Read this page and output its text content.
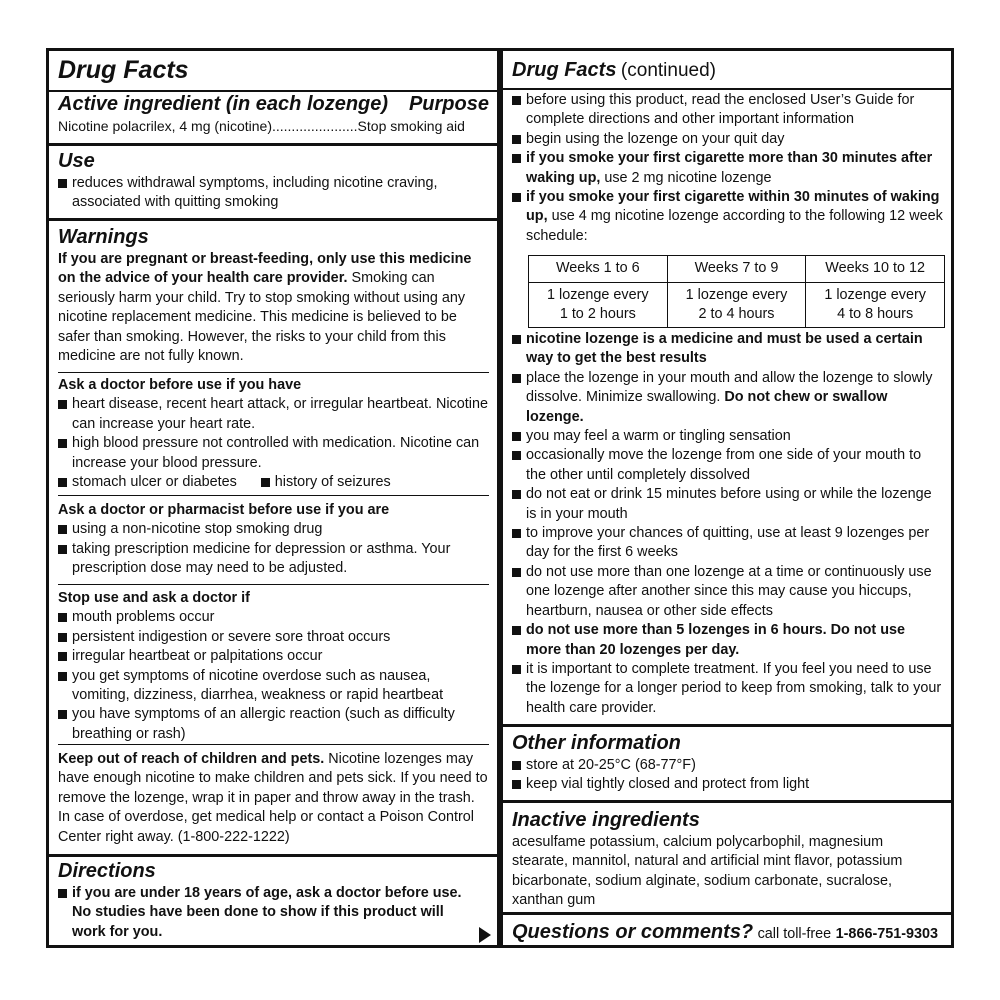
Drug Facts
Active ingredient (in each lozenge) Purpose
Nicotine polacrilex, 4 mg (nicotine)......................Stop smoking aid
Use
reduces withdrawal symptoms, including nicotine craving, associated with quitting smoking
Warnings
If you are pregnant or breast-feeding, only use this medicine on the advice of your health care provider. Smoking can seriously harm your child. Try to stop smoking without using any nicotine replacement medicine. This medicine is believed to be safer than smoking. However, the risks to your child from this medicine are not fully known.
Ask a doctor before use if you have
heart disease, recent heart attack, or irregular heartbeat. Nicotine can increase your heart rate.
high blood pressure not controlled with medication. Nicotine can increase your blood pressure.
stomach ulcer or diabetes	history of seizures
Ask a doctor or pharmacist before use if you are
using a non-nicotine stop smoking drug
taking prescription medicine for depression or asthma. Your prescription dose may need to be adjusted.
Stop use and ask a doctor if
mouth problems occur
persistent indigestion or severe sore throat occurs
irregular heartbeat or palpitations occur
you get symptoms of nicotine overdose such as nausea, vomiting, dizziness, diarrhea, weakness or rapid heartbeat
you have symptoms of an allergic reaction (such as difficulty breathing or rash)
Keep out of reach of children and pets. Nicotine lozenges may have enough nicotine to make children and pets sick. If you need to remove the lozenge, wrap it in paper and throw away in the trash. In case of overdose, get medical help or contact a Poison Control Center right away. (1-800-222-1222)
Directions
if you are under 18 years of age, ask a doctor before use. No studies have been done to show if this product will work for you.
Drug Facts (continued)
before using this product, read the enclosed User’s Guide for complete directions and other important information
begin using the lozenge on your quit day
if you smoke your first cigarette more than 30 minutes after waking up, use 2 mg nicotine lozenge
if you smoke your first cigarette within 30 minutes of waking up, use 4 mg nicotine lozenge according to the following 12 week schedule:
Weeks 1 to 6	Weeks 7 to 9	Weeks 10 to 12
1 lozenge every 1 to 2 hours	1 lozenge every 2 to 4 hours	1 lozenge every 4 to 8 hours
nicotine lozenge is a medicine and must be used a certain way to get the best results
place the lozenge in your mouth and allow the lozenge to slowly dissolve. Minimize swallowing. Do not chew or swallow lozenge.
you may feel a warm or tingling sensation
occasionally move the lozenge from one side of your mouth to the other until completely dissolved
do not eat or drink 15 minutes before using or while the lozenge is in your mouth
to improve your chances of quitting, use at least 9 lozenges per day for the first 6 weeks
do not use more than one lozenge at a time or continuously use one lozenge after another since this may cause you hiccups, heartburn, nausea or other side effects
do not use more than 5 lozenges in 6 hours. Do not use more than 20 lozenges per day.
it is important to complete treatment. If you feel you need to use the lozenge for a longer period to keep from smoking, talk to your health care provider.
Other information
store at 20-25°C (68-77°F)
keep vial tightly closed and protect from light
Inactive ingredients
acesulfame potassium, calcium polycarbophil, magnesium stearate, mannitol, natural and artificial mint flavor, potassium bicarbonate, sodium alginate, sodium carbonate, sucralose, xanthan gum
Questions or comments? call toll-free 1-866-751-9303
